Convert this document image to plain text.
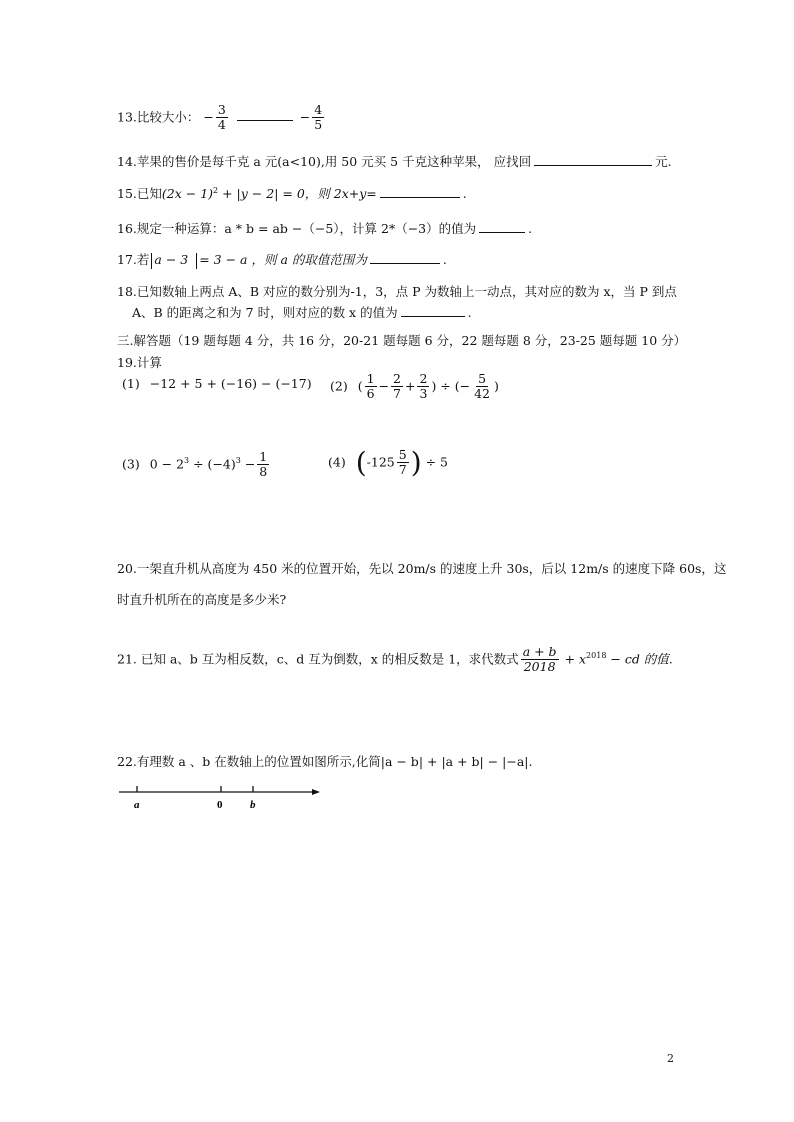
13.比较大小： − $\frac{3}{4}$	− $\frac{4}{5}$
14.苹果的售价是每千克 a 元(a<10),用 50 元买 5 千克这种苹果， 应找回	元.
15.已知$(2x - 1)^2 + |y - 2| = 0$，则 2x+y=	.
16.规定一种运算：a * b = ab −（−5），计算 2*（−3）的值为	.
17.若 a − 3 = 3 − a ，则 a 的取值范围为	.
18.已知数轴上两点 A、B 对应的数分别为-1，3，点 P 为数轴上一动点，其对应的数为 x，当 P 到点
A、B 的距离之和为 7 时，则对应的数 x 的值为	.
三.解答题（19 题每题 4 分，共 16 分，20-21 题每题 6 分，22 题每题 8 分，23-25 题每题 10 分）
19.计算
(1) −12 + 5 + (−16) − (−17) (2) ( $\frac{1}{6} - \frac{2}{7} + \frac{2}{3}$ ) ÷ (− $\frac{5}{42}$ )
(3) $0 - 2^3 \div (-4)^3 - \frac{1}{8}$	(4) ($-125 \frac{5}{7}$ ) ÷ 5
20.一架直升机从高度为 450 米的位置开始，先以 20m/s 的速度上升 30s，后以 12m/s 的速度下降 60s，这
时直升机所在的高度是多少米?
21. 已知 a、b 互为相反数，c、d 互为倒数，x 的相反数是 1，求代数式 $\frac{a + b}{2018} + x^{2018}$ − cd 的值.
22.有理数 a 、b 在数轴上的位置如图所示,化简|a − b| + |a + b| − |−a|.
a	0	b
2
